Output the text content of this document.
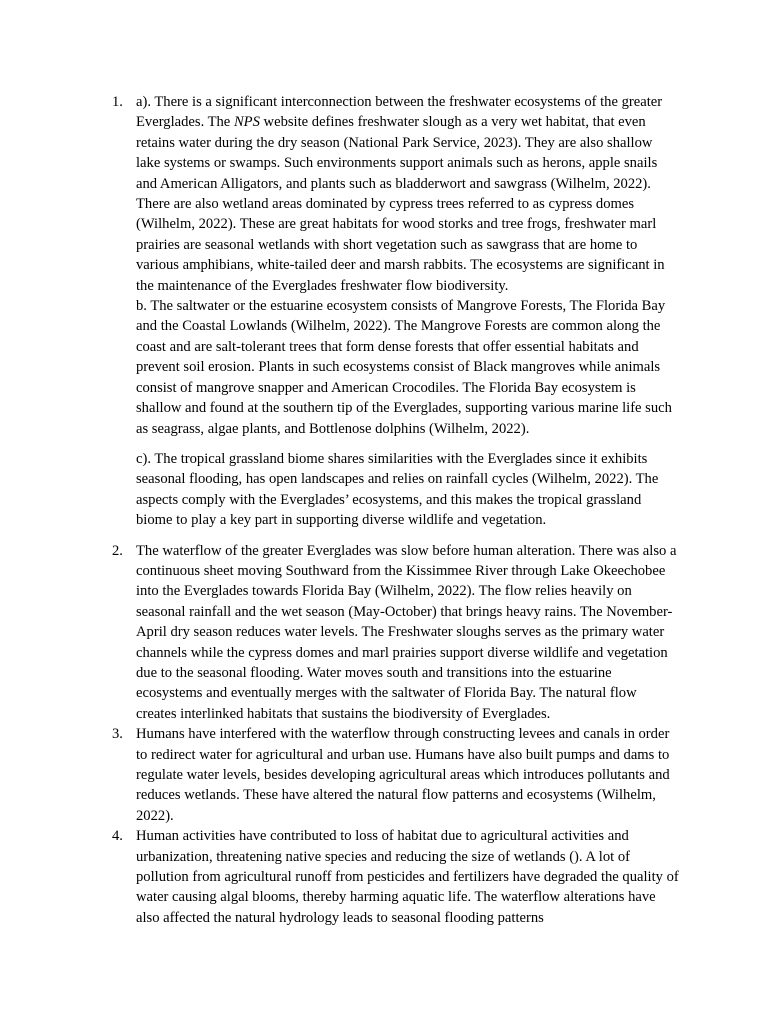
1. a). There is a significant interconnection between the freshwater ecosystems of the greater Everglades. The NPS website defines freshwater slough as a very wet habitat, that even retains water during the dry season (National Park Service, 2023). They are also shallow lake systems or swamps. Such environments support animals such as herons, apple snails and American Alligators, and plants such as bladderwort and sawgrass (Wilhelm, 2022). There are also wetland areas dominated by cypress trees referred to as cypress domes (Wilhelm, 2022). These are great habitats for wood storks and tree frogs, freshwater marl prairies are seasonal wetlands with short vegetation such as sawgrass that are home to various amphibians, white-tailed deer and marsh rabbits. The ecosystems are significant in the maintenance of the Everglades freshwater flow biodiversity.

b. The saltwater or the estuarine ecosystem consists of Mangrove Forests, The Florida Bay and the Coastal Lowlands (Wilhelm, 2022). The Mangrove Forests are common along the coast and are salt-tolerant trees that form dense forests that offer essential habitats and prevent soil erosion. Plants in such ecosystems consist of Black mangroves while animals consist of mangrove snapper and American Crocodiles. The Florida Bay ecosystem is shallow and found at the southern tip of the Everglades, supporting various marine life such as seagrass, algae plants, and Bottlenose dolphins (Wilhelm, 2022).

c). The tropical grassland biome shares similarities with the Everglades since it exhibits seasonal flooding, has open landscapes and relies on rainfall cycles (Wilhelm, 2022). The aspects comply with the Everglades’ ecosystems, and this makes the tropical grassland biome to play a key part in supporting diverse wildlife and vegetation.

2. The waterflow of the greater Everglades was slow before human alteration. There was also a continuous sheet moving Southward from the Kissimmee River through Lake Okeechobee into the Everglades towards Florida Bay (Wilhelm, 2022). The flow relies heavily on seasonal rainfall and the wet season (May-October) that brings heavy rains. The November-April dry season reduces water levels. The Freshwater sloughs serves as the primary water channels while the cypress domes and marl prairies support diverse wildlife and vegetation due to the seasonal flooding. Water moves south and transitions into the estuarine ecosystems and eventually merges with the saltwater of Florida Bay. The natural flow creates interlinked habitats that sustains the biodiversity of Everglades.

3. Humans have interfered with the waterflow through constructing levees and canals in order to redirect water for agricultural and urban use. Humans have also built pumps and dams to regulate water levels, besides developing agricultural areas which introduces pollutants and reduces wetlands. These have altered the natural flow patterns and ecosystems (Wilhelm, 2022).

4. Human activities have contributed to loss of habitat due to agricultural activities and urbanization, threatening native species and reducing the size of wetlands (). A lot of pollution from agricultural runoff from pesticides and fertilizers have degraded the quality of water causing algal blooms, thereby harming aquatic life. The waterflow alterations have also affected the natural hydrology leads to seasonal flooding patterns
